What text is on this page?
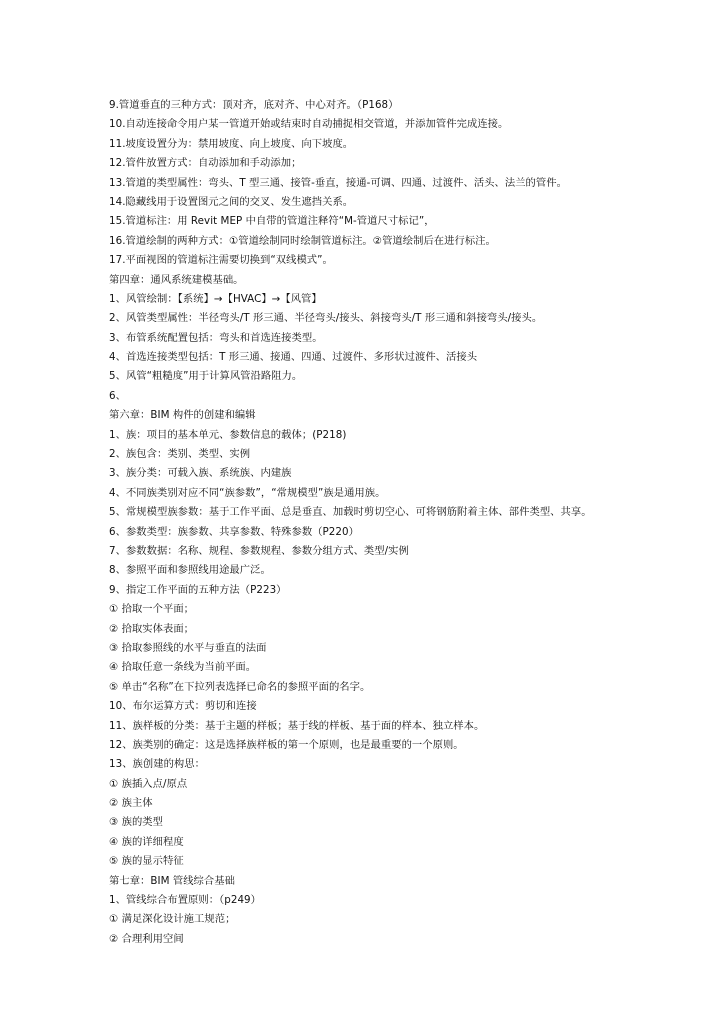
9.管道垂直的三种方式：顶对齐，底对齐、中心对齐。（P168）
10.自动连接命令用户某一管道开始或结束时自动捕捉相交管道，并添加管件完成连接。
11.坡度设置分为：禁用坡度、向上坡度、向下坡度。
12.管件放置方式：自动添加和手动添加；
13.管道的类型属性：弯头、T 型三通、接管-垂直，接通-可调、四通、过渡件、活头、法兰的管件。
14.隐藏线用于设置图元之间的交叉、发生遮挡关系。
15.管道标注：用 Revit MEP 中自带的管道注释符“M-管道尺寸标记”，
16.管道绘制的两种方式：①管道绘制同时绘制管道标注。②管道绘制后在进行标注。
17.平面视图的管道标注需要切换到“双线模式”。
第四章：通风系统建模基础。
1、风管绘制：【系统】→【HVAC】→【风管】
2、风管类型属性：半径弯头/T 形三通、半径弯头/接头、斜接弯头/T 形三通和斜接弯头/接头。
3、布管系统配置包括：弯头和首选连接类型。
4、首选连接类型包括：T 形三通、接通、四通、过渡件、多形状过渡件、活接头
5、风管“粗糙度”用于计算风管沿路阻力。
6、
第六章：BIM 构件的创建和编辑
1、族：项目的基本单元、参数信息的载体；(P218)
2、族包含：类别、类型、实例
3、族分类：可载入族、系统族、内建族
4、不同族类别对应不同“族参数”，“常规模型”族是通用族。
5、常规模型族参数：基于工作平面、总是垂直、加载时剪切空心、可将钢筋附着主体、部件类型、共享。
6、参数类型：族参数、共享参数、特殊参数（P220）
7、参数数据：名称、规程、参数规程、参数分组方式、类型/实例
8、参照平面和参照线用途最广泛。
9、指定工作平面的五种方法（P223）
① 拾取一个平面；
② 拾取实体表面；
③ 拾取参照线的水平与垂直的法面
④ 拾取任意一条线为当前平面。
⑤ 单击“名称”在下拉列表选择已命名的参照平面的名字。
10、布尔运算方式：剪切和连接
11、族样板的分类：基于主题的样板；基于线的样板、基于面的样本、独立样本。
12、族类别的确定：这是选择族样板的第一个原则，也是最重要的一个原则。
13、族创建的构思：
① 族插入点/原点
② 族主体
③ 族的类型
④ 族的详细程度
⑤ 族的显示特征
第七章：BIM 管线综合基础
1、管线综合布置原则：（p249）
① 满足深化设计施工规范；
② 合理利用空间
